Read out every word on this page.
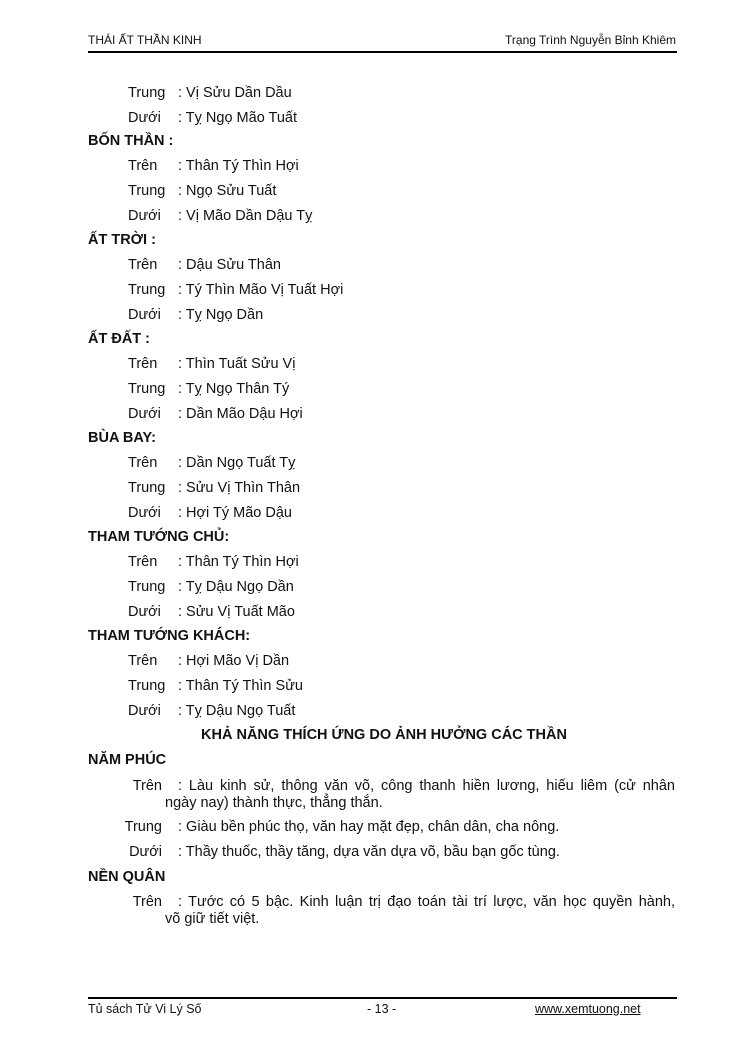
THÁI ẤT THẦN KINH	Trạng Trình Nguyễn Bỉnh Khiêm
Trung : Vị Sửu Dần Dầu
Dưới : Tỵ Ngọ Mão Tuất
BỐN THẦN :
Trên : Thân Tý Thìn Hợi
Trung : Ngọ Sửu Tuất
Dưới : Vị Mão Dần Dậu Tỵ
ẤT TRỜI :
Trên : Dậu Sửu Thân
Trung : Tý Thìn Mão Vị Tuất Hợi
Dưới : Tỵ Ngọ Dần
ẤT ĐẤT :
Trên : Thìn Tuất Sửu Vị
Trung : Tỵ Ngọ Thân Tý
Dưới : Dần Mão Dậu Hợi
BÙA BAY:
Trên : Dần Ngọ Tuất Tỵ
Trung : Sửu Vị Thìn Thân
Dưới : Hợi Tý Mão Dậu
THAM TƯỚNG CHỦ:
Trên : Thân Tý Thìn Hợi
Trung : Tỵ Dậu Ngọ Dần
Dưới : Sửu Vị Tuất Mão
THAM TƯỚNG KHÁCH:
Trên : Hợi Mão Vị Dần
Trung : Thân Tý Thìn Sửu
Dưới : Tỵ Dậu Ngọ Tuất
KHẢ NĂNG THÍCH ỨNG DO ẢNH HƯỞNG CÁC THẦN
NĂM PHÚC
Trên : Làu kinh sử, thông văn võ, công thanh hiền lương, hiếu liêm (cử nhân
ngày nay) thành thực, thẳng thắn.
Trung : Giàu bền phúc thọ, văn hay mặt đẹp, chân dân, cha nông.
Dưới : Thầy thuốc, thầy tăng, dựa văn dựa võ, bầu bạn gốc tùng.
NỀN QUÂN
Trên : Tước có 5 bậc. Kinh luận trị đạo toán tài trí lược, văn học quyền hành,
võ giữ tiết việt.
Tủ sách Tử Vi Lý Số	- 13 -	www.xemtuong.net
